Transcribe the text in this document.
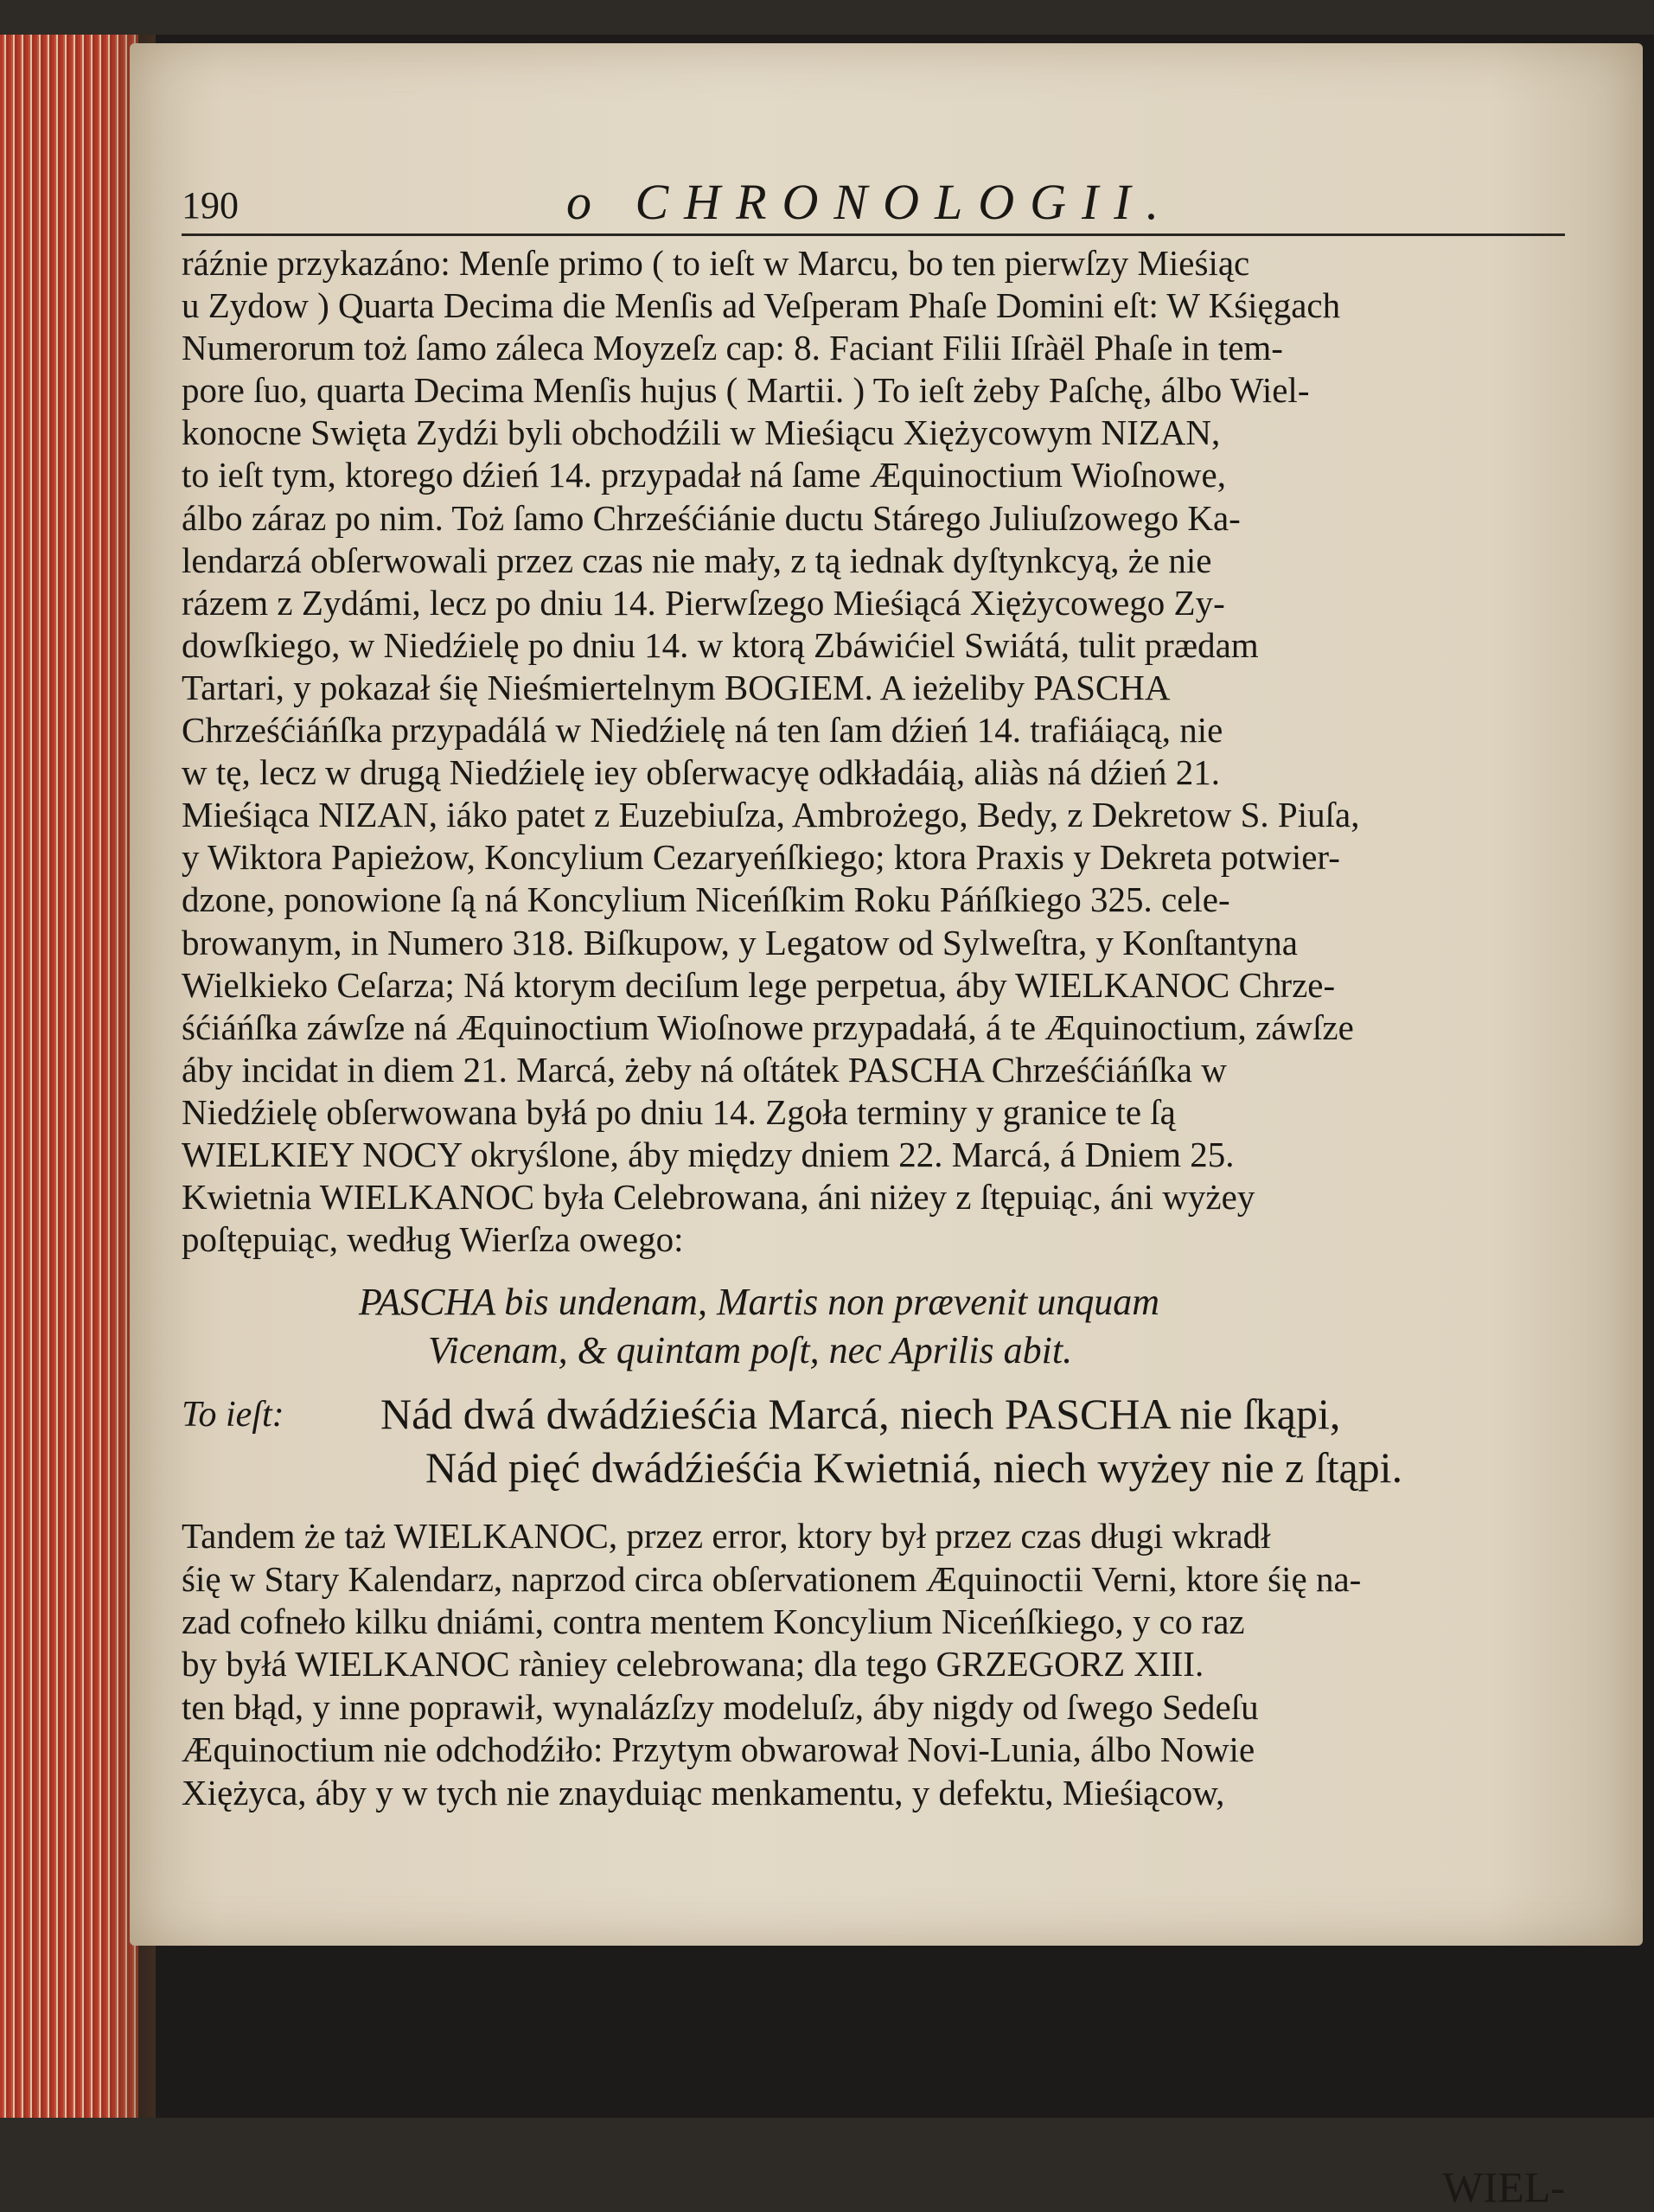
190	o CHRONOLOGII.
ráźnie przykazáno: Menſe primo ( to ieſt w Marcu, bo ten pierwſzy Mieśiąc
u Zydow ) Quarta Decima die Menſis ad Veſperam Phaſe Domini eſt: W Kśięgach
Numerorum toż ſamo záleca Moyzeſz cap: 8. Faciant Filii Iſràël Phaſe in tem-
pore ſuo, quarta Decima Menſis hujus ( Martii. ) To ieſt żeby Paſchę, álbo Wiel-
konocne Swięta Zydźi byli obchodźili w Mieśiącu Xiężycowym NIZAN,
to ieſt tym, ktorego dźień 14. przypadał ná ſame Æquinoctium Wioſnowe,
álbo záraz po nim. Toż ſamo Chrześćiánie ductu Stárego Juliuſzowego Ka-
lendarzá obſerwowali przez czas nie mały, z tą iednak dyſtynkcyą, że nie
rázem z Zydámi, lecz po dniu 14. Pierwſzego Mieśiącá Xiężycowego Zy-
dowſkiego, w Niedźielę po dniu 14. w ktorą Zbáwićiel Swiátá, tulit prædam
Tartari, y pokazał śię Nieśmiertelnym BOGIEM. A ieżeliby PASCHA
Chrześćiáńſka przypadálá w Niedźielę ná ten ſam dźień 14. trafiáiącą, nie
w tę, lecz w drugą Niedźielę iey obſerwacyę odkładáią, aliàs ná dźień 21.
Mieśiąca NIZAN, iáko patet z Euzebiuſza, Ambrożego, Bedy, z Dekretow S. Piuſa,
y Wiktora Papieżow, Koncylium Cezaryeńſkiego; ktora Praxis y Dekreta potwier-
dzone, ponowione ſą ná Koncylium Niceńſkim Roku Páńſkiego 325. cele-
browanym, in Numero 318. Biſkupow, y Legatow od Sylweſtra, y Konſtantyna
Wielkieko Ceſarza; Ná ktorym deciſum lege perpetua, áby WIELKANOC Chrze-
śćiáńſka záwſze ná Æquinoctium Wioſnowe przypadałá, á te Æquinoctium, záwſze
áby incidat in diem 21. Marcá, żeby ná oſtátek PASCHA Chrześćiáńſka w
Niedźielę obſerwowana byłá po dniu 14. Zgoła terminy y granice te ſą
WIELKIEY NOCY okryślone, áby między dniem 22. Marcá, á Dniem 25.
Kwietnia WIELKANOC była Celebrowana, áni niżey z ſtępuiąc, áni wyżey
poſtępuiąc, według Wierſza owego:
PASCHA bis undenam, Martis non prævenit unquam
Vicenam, & quintam poſt, nec Aprilis abit.
To ieſt: Nád dwá dwádźieśćia Marcá, niech PASCHA nie ſkąpi,
Nád pięć dwádźieśćia Kwietniá, niech wyżey nie z ſtąpi.
Tandem że taż WIELKANOC, przez error, ktory był przez czas długi wkradł
śię w Stary Kalendarz, naprzod circa obſervationem Æquinoctii Verni, ktore śię na-
zad cofneło kilku dniámi, contra mentem Koncylium Niceńſkiego, y co raz
by byłá WIELKANOC ràniey celebrowana; dla tego GRZEGORZ XIII.
ten błąd, y inne poprawił, wynalázſzy modeluſz, áby nigdy od ſwego Sedeſu
Æquinoctium nie odchodźiło: Przytym obwarował Novi-Lunia, álbo Nowie
Xiężyca, áby y w tych nie znayduiąc menkamentu, y defektu, Mieśiącow,
WIEL-
